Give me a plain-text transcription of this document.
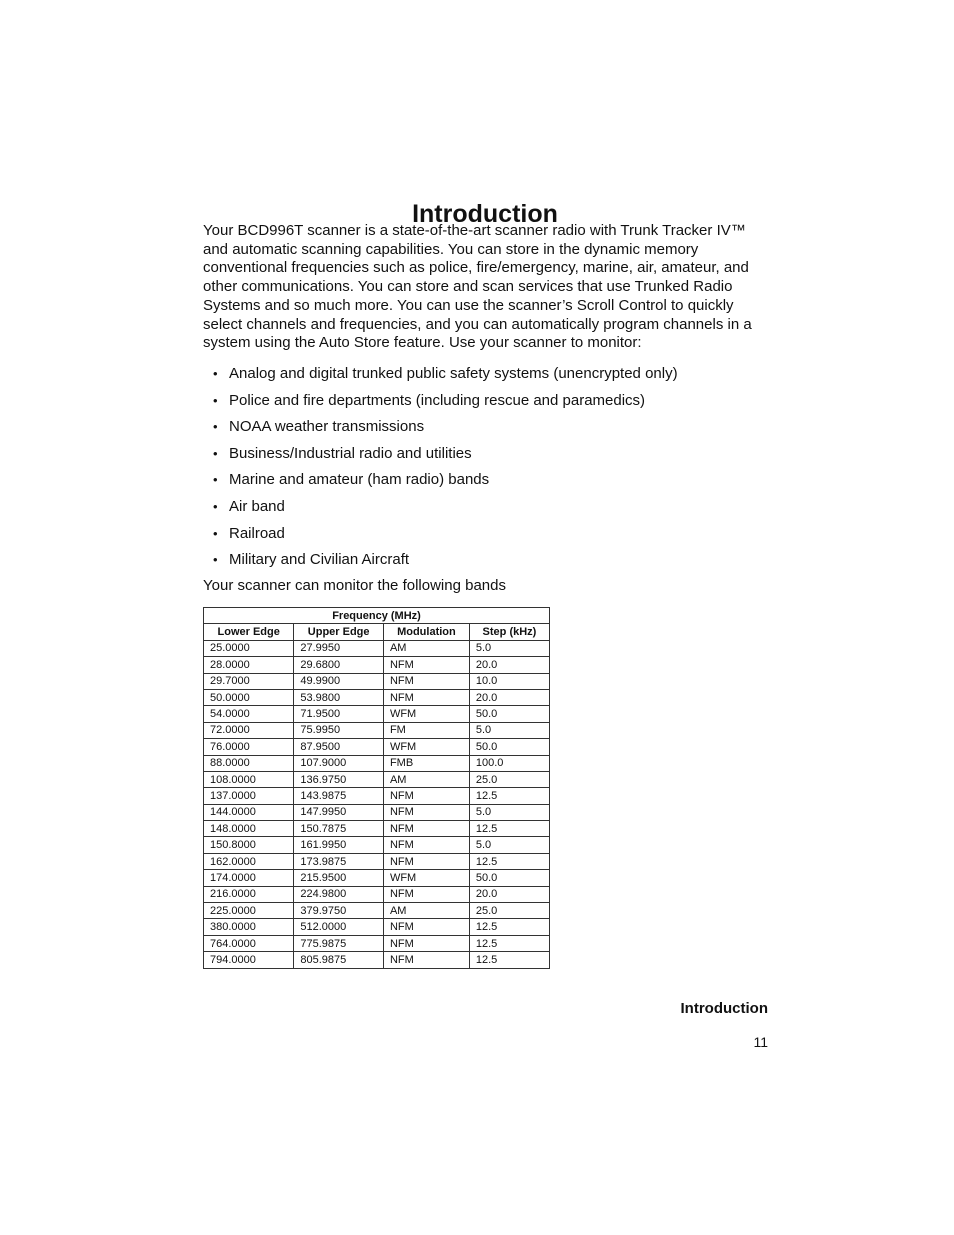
Introduction

Your BCD996T scanner is a state-of-the-art scanner radio with Trunk Tracker IV™ and automatic scanning capabilities. You can store in the dynamic memory conventional frequencies such as police, fire/emergency, marine, air, amateur, and other communications. You can store and scan services that use Trunked Radio Systems and so much more. You can use the scanner’s Scroll Control to quickly select channels and frequencies, and you can automatically program channels in a system using the Auto Store feature. Use your scanner to monitor:

• Analog and digital trunked public safety systems (unencrypted only)
• Police and fire departments (including rescue and paramedics)
• NOAA weather transmissions
• Business/Industrial radio and utilities
• Marine and amateur (ham radio) bands
• Air band
• Railroad
• Military and Civilian Aircraft

Your scanner can monitor the following bands

Frequency (MHz)			
Lower Edge	Upper Edge	Modulation	Step (kHz)
25.0000	27.9950	AM	5.0
28.0000	29.6800	NFM	20.0
29.7000	49.9900	NFM	10.0
50.0000	53.9800	NFM	20.0
54.0000	71.9500	WFM	50.0
72.0000	75.9950	FM	5.0
76.0000	87.9500	WFM	50.0
88.0000	107.9000	FMB	100.0
108.0000	136.9750	AM	25.0
137.0000	143.9875	NFM	12.5
144.0000	147.9950	NFM	5.0
148.0000	150.7875	NFM	12.5
150.8000	161.9950	NFM	5.0
162.0000	173.9875	NFM	12.5
174.0000	215.9500	WFM	50.0
216.0000	224.9800	NFM	20.0
225.0000	379.9750	AM	25.0
380.0000	512.0000	NFM	12.5
764.0000	775.9875	NFM	12.5
794.0000	805.9875	NFM	12.5
Introduction
11
